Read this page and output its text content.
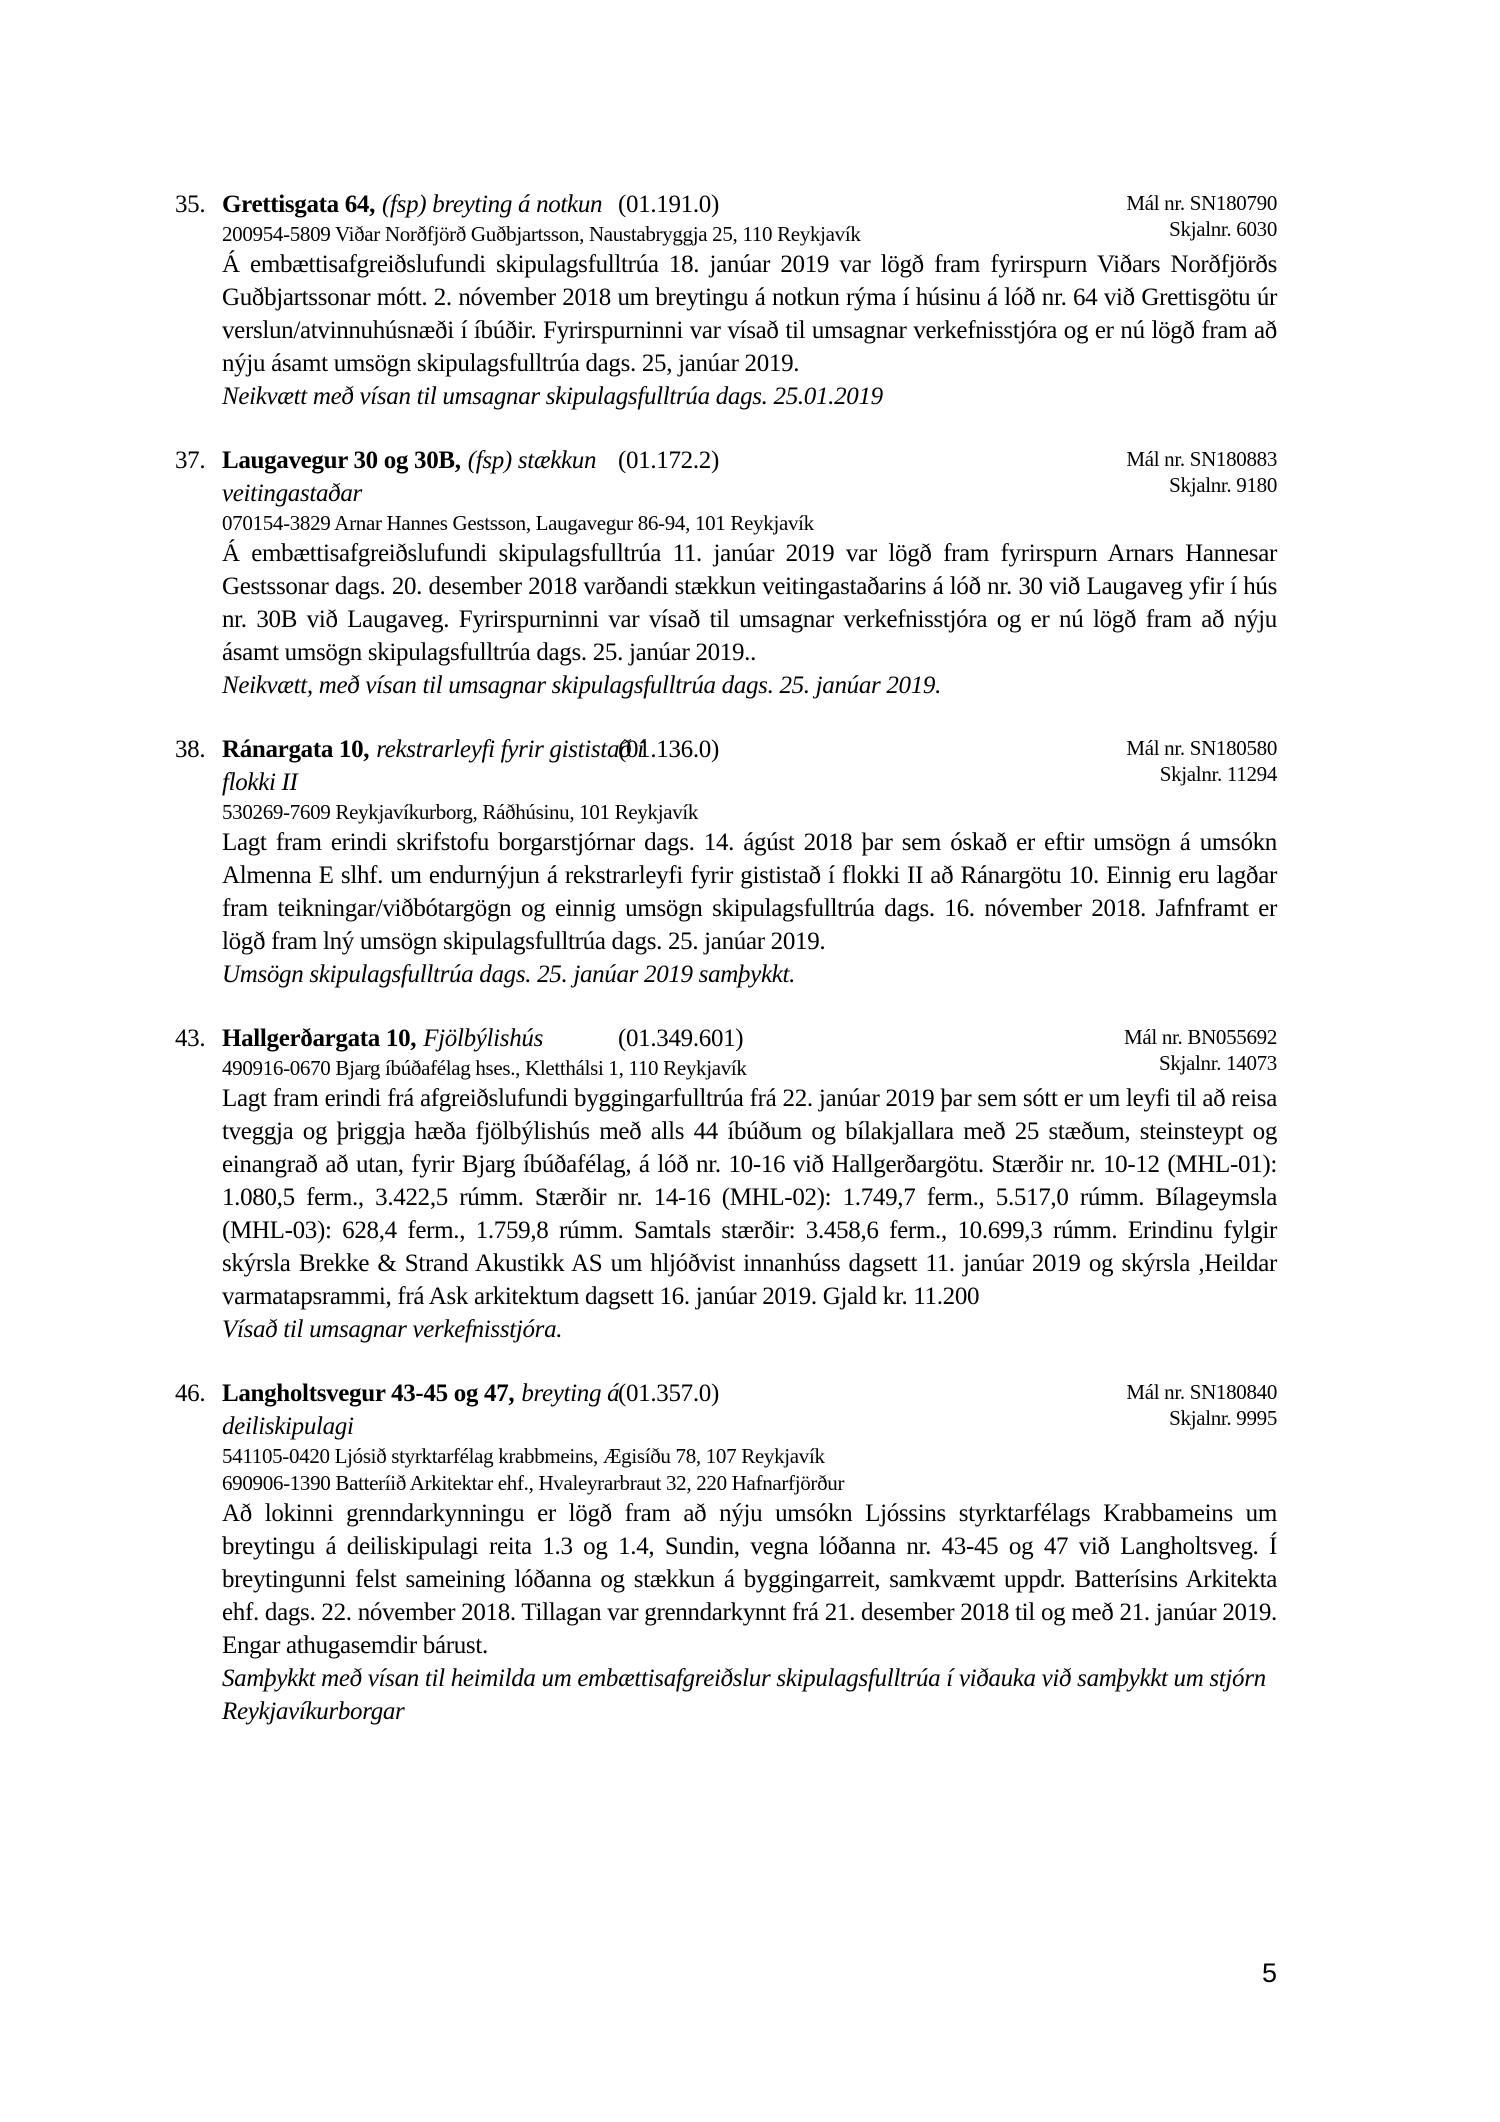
35. Grettisgata 64, (fsp) breyting á notkun (01.191.0)	Mál nr. SN180790
Skjalnr. 6030
200954-5809 Viðar Norðfjörð Guðbjartsson, Naustabryggja 25, 110 Reykjavík
Á embættisafgreiðslufundi skipulagsfulltrúa 18. janúar 2019 var lögð fram fyrirspurn Viðars Norðfjörðs Guðbjartssonar mótt. 2. nóvember 2018 um breytingu á notkun rýma í húsinu á lóð nr. 64 við Grettisgötu úr verslun/atvinnuhúsnæði í íbúðir. Fyrirspurninni var vísað til umsagnar verkefnisstjóra og er nú lögð fram að nýju ásamt umsögn skipulagsfulltrúa dags. 25, janúar 2019.
Neikvætt með vísan til umsagnar skipulagsfulltrúa dags. 25.01.2019
37. Laugavegur 30 og 30B, (fsp) stækkun
veitingastaðar
(01.172.2)	Mál nr. SN180883
Skjalnr. 9180
070154-3829 Arnar Hannes Gestsson, Laugavegur 86-94, 101 Reykjavík
Á embættisafgreiðslufundi skipulagsfulltrúa 11. janúar 2019 var lögð fram fyrirspurn Arnars Hannesar Gestssonar dags. 20. desember 2018 varðandi stækkun veitingastaðarins á lóð nr. 30 við Laugaveg yfir í hús nr. 30B við Laugaveg. Fyrirspurninni var vísað til umsagnar verkefnisstjóra og er nú lögð fram að nýju ásamt umsögn skipulagsfulltrúa dags. 25. janúar 2019..
Neikvætt, með vísan til umsagnar skipulagsfulltrúa dags. 25. janúar 2019.
38. Ránargata 10, rekstrarleyfi fyrir gististað í
flokki II
(01.136.0)	Mál nr. SN180580
Skjalnr. 11294
530269-7609 Reykjavíkurborg, Ráðhúsinu, 101 Reykjavík
Lagt fram erindi skrifstofu borgarstjórnar dags. 14. ágúst 2018 þar sem óskað er eftir umsögn á umsókn Almenna E slhf. um endurnýjun á rekstrarleyfi fyrir gististað í flokki II að Ránargötu 10. Einnig eru lagðar fram teikningar/viðbótargögn og einnig umsögn skipulagsfulltrúa dags. 16. nóvember 2018. Jafnframt er lögð fram lný umsögn skipulagsfulltrúa dags. 25. janúar 2019.
Umsögn skipulagsfulltrúa dags. 25. janúar 2019 samþykkt.
43. Hallgerðargata 10, Fjölbýlishús	(01.349.601)	Mál nr. BN055692
Skjalnr. 14073
490916-0670 Bjarg íbúðafélag hses., Kletthálsi 1, 110 Reykjavík
Lagt fram erindi frá afgreiðslufundi byggingarfulltrúa frá 22. janúar 2019 þar sem sótt er um leyfi til að reisa tveggja og þriggja hæða fjölbýlishús með alls 44 íbúðum og bílakjallara með 25 stæðum, steinsteypt og einangrað að utan, fyrir Bjarg íbúðafélag, á lóð nr. 10-16 við Hallgerðargötu. Stærðir nr. 10-12 (MHL-01): 1.080,5 ferm., 3.422,5 rúmm. Stærðir nr. 14-16 (MHL-02): 1.749,7 ferm., 5.517,0 rúmm. Bílageymsla (MHL-03): 628,4 ferm., 1.759,8 rúmm. Samtals stærðir: 3.458,6 ferm., 10.699,3 rúmm. Erindinu fylgir skýrsla Brekke & Strand Akustikk AS um hljóðvist innanhúss dagsett 11. janúar 2019 og skýrsla ,Heildar varmatapsrammi, frá Ask arkitektum dagsett 16. janúar 2019. Gjald kr. 11.200
Vísað til umsagnar verkefnisstjóra.
46. Langholtsvegur 43-45 og 47, breyting á
deiliskipulagi
(01.357.0)	Mál nr. SN180840
Skjalnr. 9995
541105-0420 Ljósið styrktarfélag krabbmeins, Ægisíðu 78, 107 Reykjavík
690906-1390 Batteríið Arkitektar ehf., Hvaleyrarbraut 32, 220 Hafnarfjörður
Að lokinni grenndarkynningu er lögð fram að nýju umsókn Ljóssins styrktarfélags Krabbameins um breytingu á deiliskipulagi reita 1.3 og 1.4, Sundin, vegna lóðanna nr. 43-45 og 47 við Langholtsveg. Í breytingunni felst sameining lóðanna og stækkun á byggingarreit, samkvæmt uppdr. Batterísins Arkitekta ehf. dags. 22. nóvember 2018. Tillagan var grenndarkynnt frá 21. desember 2018 til og með 21. janúar 2019. Engar athugasemdir bárust.
Samþykkt með vísan til heimilda um embættisafgreiðslur skipulagsfulltrúa í viðauka við samþykkt um stjórn Reykjavíkurborgar
5
